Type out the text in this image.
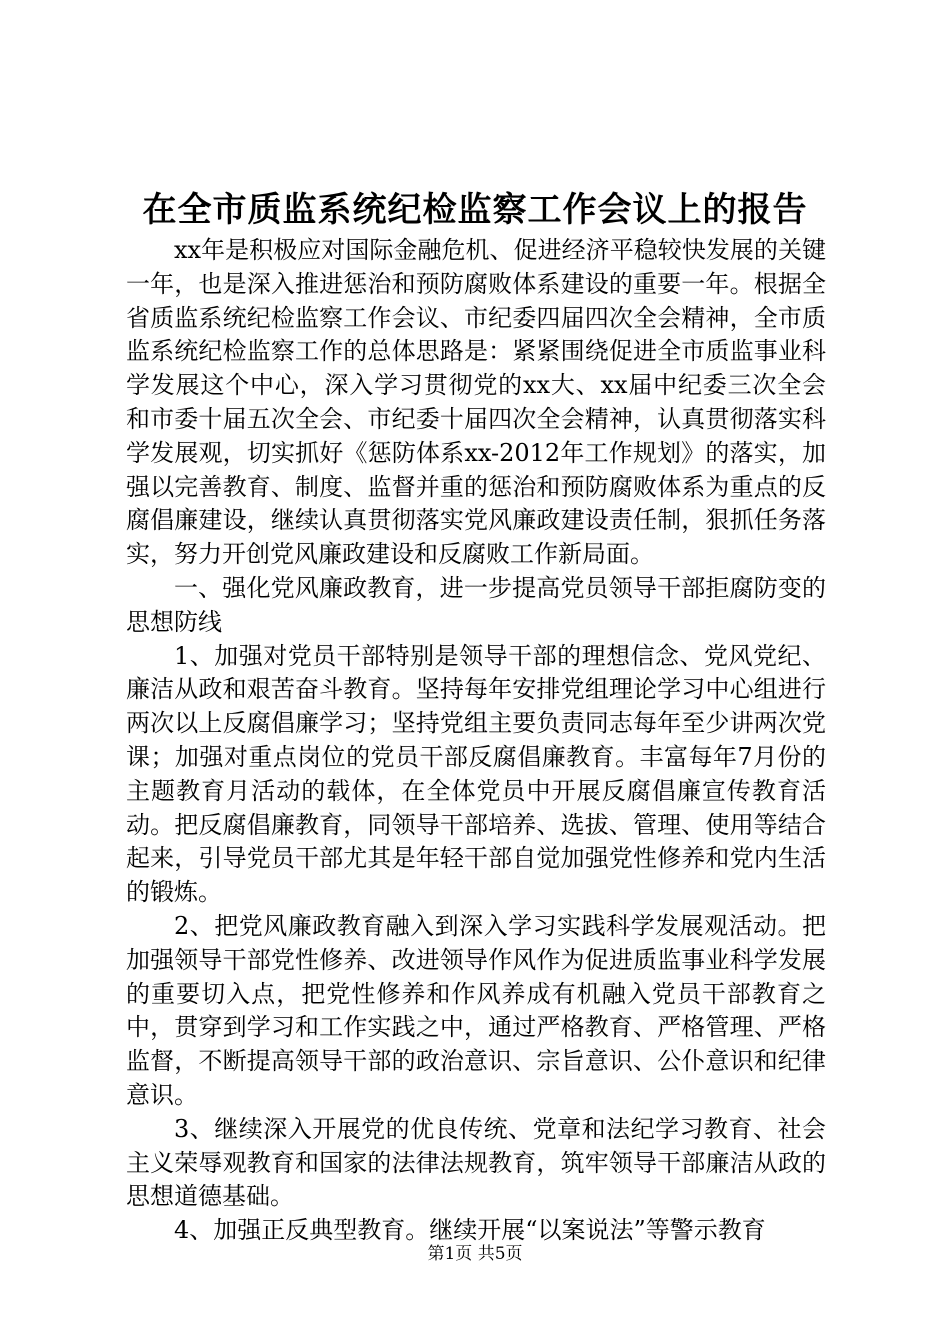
在全市质监系统纪检监察工作会议上的报告

xx年是积极应对国际金融危机、促进经济平稳较快发展的关键一年，也是深入推进惩治和预防腐败体系建设的重要一年。根据全省质监系统纪检监察工作会议、市纪委四届四次全会精神，全市质监系统纪检监察工作的总体思路是：紧紧围绕促进全市质监事业科学发展这个中心，深入学习贯彻党的xx大、xx届中纪委三次全会和市委十届五次全会、市纪委十届四次全会精神，认真贯彻落实科学发展观，切实抓好《惩防体系xx-2012年工作规划》的落实，加强以完善教育、制度、监督并重的惩治和预防腐败体系为重点的反腐倡廉建设，继续认真贯彻落实党风廉政建设责任制，狠抓任务落实，努力开创党风廉政建设和反腐败工作新局面。

一、强化党风廉政教育，进一步提高党员领导干部拒腐防变的思想防线

1、加强对党员干部特别是领导干部的理想信念、党风党纪、廉洁从政和艰苦奋斗教育。坚持每年安排党组理论学习中心组进行两次以上反腐倡廉学习；坚持党组主要负责同志每年至少讲两次党课；加强对重点岗位的党员干部反腐倡廉教育。丰富每年7月份的主题教育月活动的载体，在全体党员中开展反腐倡廉宣传教育活动。把反腐倡廉教育，同领导干部培养、选拔、管理、使用等结合起来，引导党员干部尤其是年轻干部自觉加强党性修养和党内生活的锻炼。

2、把党风廉政教育融入到深入学习实践科学发展观活动。把加强领导干部党性修养、改进领导作风作为促进质监事业科学发展的重要切入点，把党性修养和作风养成有机融入党员干部教育之中，贯穿到学习和工作实践之中，通过严格教育、严格管理、严格监督，不断提高领导干部的政治意识、宗旨意识、公仆意识和纪律意识。

3、继续深入开展党的优良传统、党章和法纪学习教育、社会主义荣辱观教育和国家的法律法规教育，筑牢领导干部廉洁从政的思想道德基础。

4、加强正反典型教育。继续开展“以案说法”等警示教育

第1页 共5页
